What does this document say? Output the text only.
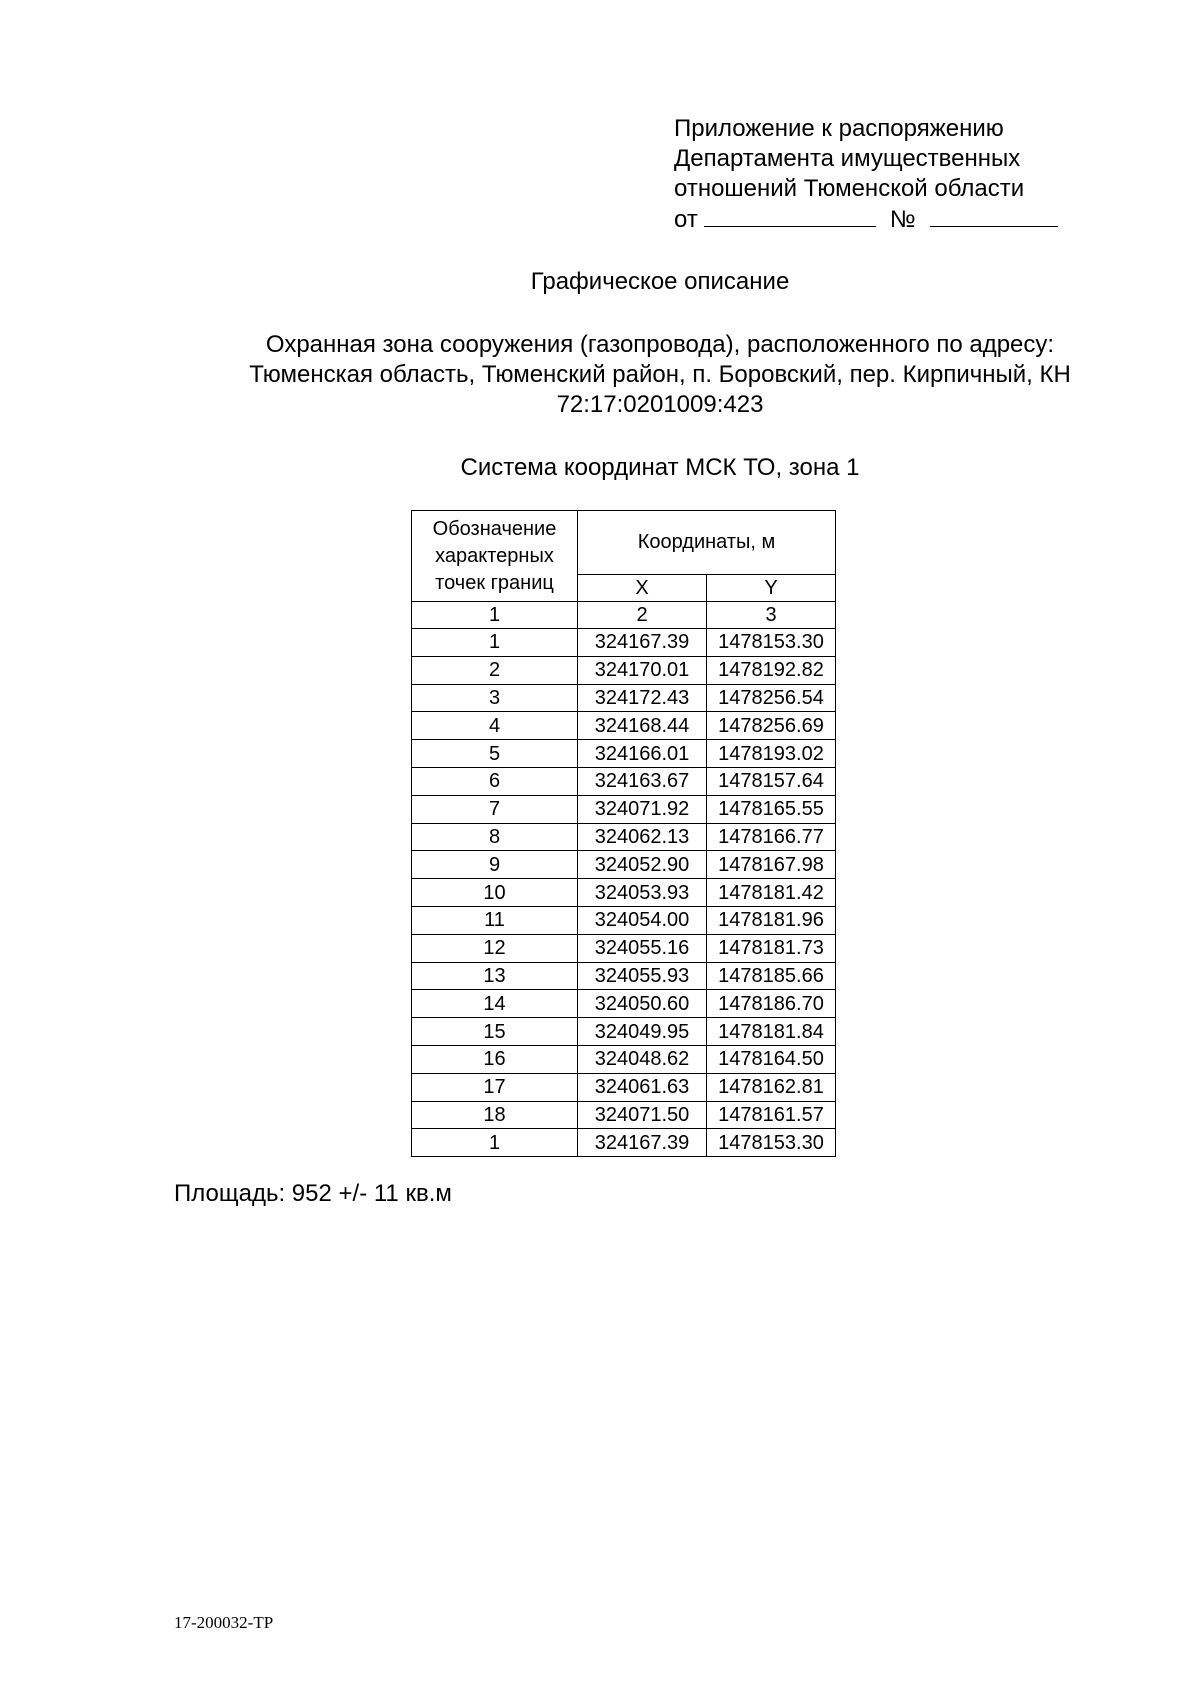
Приложение к распоряжению
Департамента имущественных
отношений Тюменской области
от	№
Графическое описание
Охранная зона сооружения (газопровода), расположенного по адресу:
Тюменская область, Тюменский район, п. Боровский, пер. Кирпичный, КН
72:17:0201009:423
Система координат МСК ТО, зона 1
Обозначение характерных точек границ	Координаты, м	
	X	Y
1	2	3
1	324167.39	1478153.30
2	324170.01	1478192.82
3	324172.43	1478256.54
4	324168.44	1478256.69
5	324166.01	1478193.02
6	324163.67	1478157.64
7	324071.92	1478165.55
8	324062.13	1478166.77
9	324052.90	1478167.98
10	324053.93	1478181.42
11	324054.00	1478181.96
12	324055.16	1478181.73
13	324055.93	1478185.66
14	324050.60	1478186.70
15	324049.95	1478181.84
16	324048.62	1478164.50
17	324061.63	1478162.81
18	324071.50	1478161.57
1	324167.39	1478153.30
Площадь: 952 +/- 11 кв.м
17-200032-ТР
